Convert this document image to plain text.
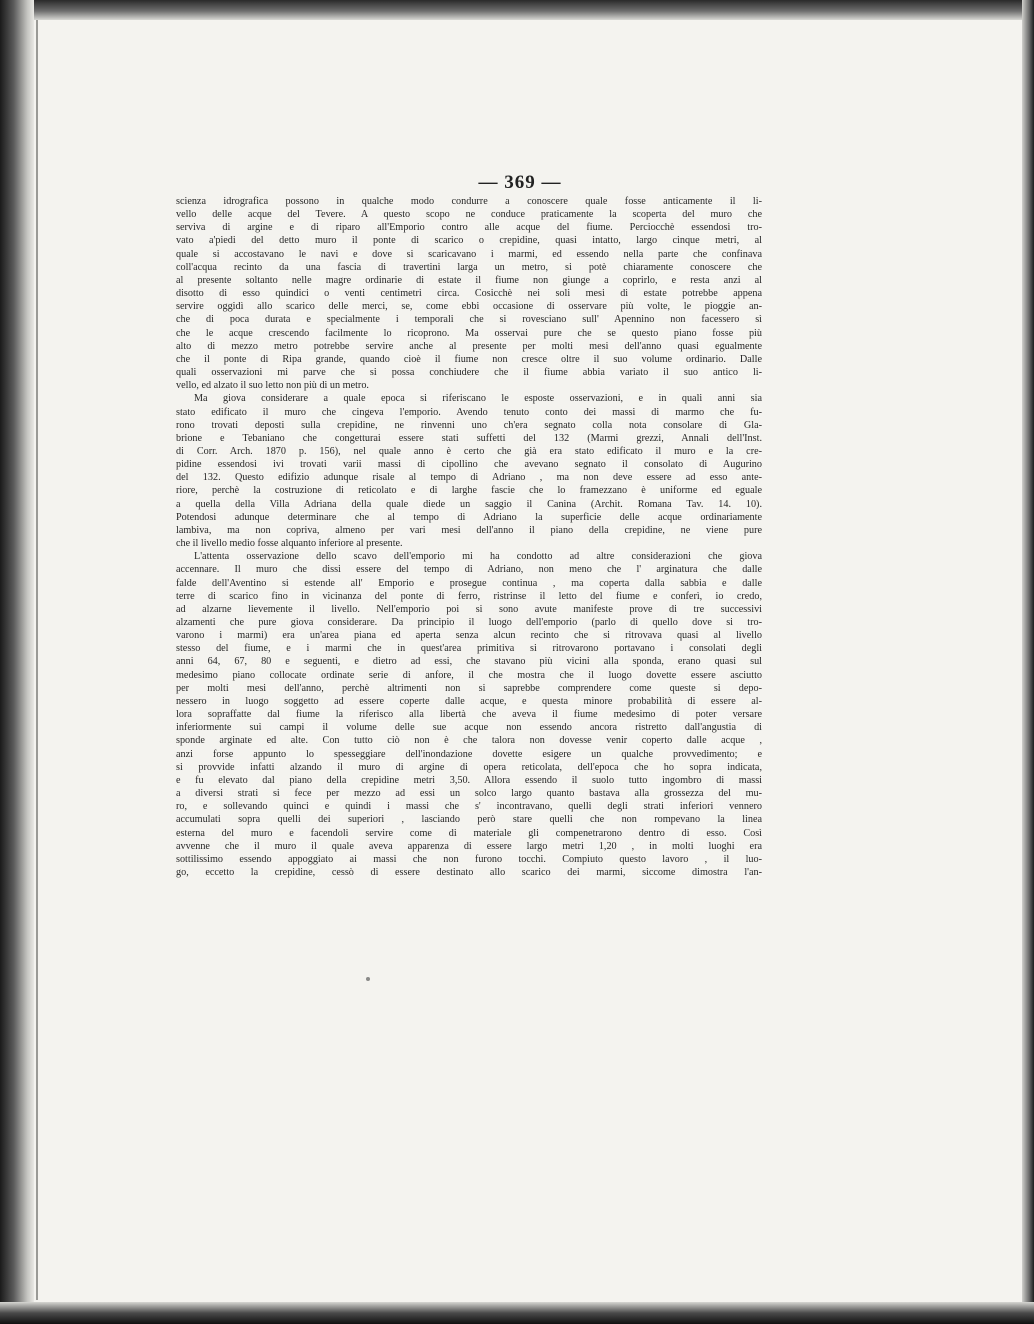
— 369 —
scienza idrografica possono in qualche modo condurre a conoscere quale fosse anticamente il li-
vello delle acque del Tevere. A questo scopo ne conduce praticamente la scoperta del muro che
serviva di argine e di riparo all'Emporio contro alle acque del fiume. Perciocchè essendosi tro-
vato a'piedi del detto muro il ponte di scarico o crepidine, quasi intatto, largo cinque metri, al
quale si accostavano le navi e dove si scaricavano i marmi, ed essendo nella parte che confinava
coll'acqua recinto da una fascia di travertini larga un metro, si potè chiaramente conoscere che
al presente soltanto nelle magre ordinarie di estate il fiume non giunge a coprirlo, e resta anzi al
disotto di esso quindici o venti centimetri circa. Cosicchè nei soli mesi di estate potrebbe appena
servire oggidì allo scarico delle merci, se, come ebbi occasione di osservare più volte, le pioggie an-
che di poca durata e specialmente i temporali che si rovesciano sull' Apennino non facessero sì
che le acque crescendo facilmente lo ricoprono. Ma osservai pure che se questo piano fosse più
alto di mezzo metro potrebbe servire anche al presente per molti mesi dell'anno quasi egualmente
che il ponte di Ripa grande, quando cioè il fiume non cresce oltre il suo volume ordinario. Dalle
quali osservazioni mi parve che si possa conchiudere che il fiume abbia variato il suo antico li-
vello, ed alzato il suo letto non più di un metro.
Ma giova considerare a quale epoca si riferiscano le esposte osservazioni, e in quali anni sia
stato edificato il muro che cingeva l'emporio. Avendo tenuto conto dei massi di marmo che fu-
rono trovati deposti sulla crepidine, ne rinvenni uno ch'era segnato colla nota consolare di Gla-
brione e Tebaniano che congetturai essere stati suffetti del 132 (Marmi grezzi, Annali dell'Inst.
di Corr. Arch. 1870 p. 156), nel quale anno è certo che già era stato edificato il muro e la cre-
pidine essendosi ivi trovati varii massi di cipollino che avevano segnato il consolato di Augurino
del 132. Questo edifizio adunque risale al tempo di Adriano , ma non deve essere ad esso ante-
riore, perchè la costruzione di reticolato e di larghe fascie che lo framezzano è uniforme ed eguale
a quella della Villa Adriana della quale diede un saggio il Canina (Archit. Romana Tav. 14. 10).
Potendosi adunque determinare che al tempo di Adriano la superficie delle acque ordinariamente
lambiva, ma non copriva, almeno per vari mesi dell'anno il piano della crepidine, ne viene pure
che il livello medio fosse alquanto inferiore al presente.
L'attenta osservazione dello scavo dell'emporio mi ha condotto ad altre considerazioni che giova
accennare. Il muro che dissi essere del tempo di Adriano, non meno che l' arginatura che dalle
falde dell'Aventino si estende all' Emporio e prosegue continua , ma coperta dalla sabbia e dalle
terre di scarico fino in vicinanza del ponte di ferro, ristrinse il letto del fiume e conferì, io credo,
ad alzarne lievemente il livello. Nell'emporio poi si sono avute manifeste prove di tre successivi
alzamenti che pure giova considerare. Da principio il luogo dell'emporio (parlo di quello dove si tro-
varono i marmi) era un'area piana ed aperta senza alcun recinto che si ritrovava quasi al livello
stesso del fiume, e i marmi che in quest'area primitiva si ritrovarono portavano i consolati degli
anni 64, 67, 80 e seguenti, e dietro ad essi, che stavano più vicini alla sponda, erano quasi sul
medesimo piano collocate ordinate serie di anfore, il che mostra che il luogo dovette essere asciutto
per molti mesi dell'anno, perchè altrimenti non si saprebbe comprendere come queste si depo-
nessero in luogo soggetto ad essere coperte dalle acque, e questa minore probabilità di essere al-
lora sopraffatte dal fiume la riferisco alla libertà che aveva il fiume medesimo di poter versare
inferiormente sui campi il volume delle sue acque non essendo ancora ristretto dall'angustia di
sponde arginate ed alte. Con tutto ciò non è che talora non dovesse venir coperto dalle acque ,
anzi forse appunto lo spesseggiare dell'inondazione dovette esigere un qualche provvedimento; e
si provvide infatti alzando il muro di argine di opera reticolata, dell'epoca che ho sopra indicata,
e fu elevato dal piano della crepidine metri 3,50. Allora essendo il suolo tutto ingombro di massi
a diversi strati si fece per mezzo ad essi un solco largo quanto bastava alla grossezza del mu-
ro, e sollevando quinci e quindi i massi che s' incontravano, quelli degli strati inferiori vennero
accumulati sopra quelli dei superiori , lasciando però stare quelli che non rompevano la linea
esterna del muro e facendoli servire come di materiale gli compenetrarono dentro di esso. Così
avvenne che il muro il quale aveva apparenza di essere largo metri 1,20 , in molti luoghi era
sottilissimo essendo appoggiato ai massi che non furono tocchi. Compiuto questo lavoro , il luo-
go, eccetto la crepidine, cessò di essere destinato allo scarico dei marmi, siccome dimostra l'an-
